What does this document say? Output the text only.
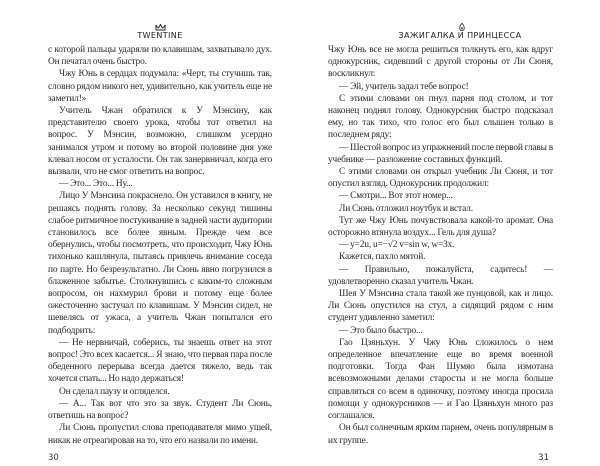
TWENTINE

с которой пальцы ударяли по клавишам, захватывало дух. Он печатал очень быстро.

Чжу Юнь в сердцах подумала: «Черт, ты стучишь так, словно рядом никого нет, удивительно, как учитель еще не заметил!»

Учитель Чжан обратился к У Мэнсину, как представителю своего урока, чтобы тот ответил на вопрос. У Мэнсин, возможно, слишком усердно занимался утром и потому во второй половине дня уже клевал носом от усталости. Он так занервничал, когда его вызвали, что не смог ответить на вопрос.

— Это... Это... Ну...

Лицо У Мэнсина покраснело. Он уставился в книгу, не решаясь поднять голову. За несколько секунд тишины слабое ритмичное постукивание в задней части аудитории становилось все более явным. Прежде чем все обернулись, чтобы посмотреть, что происходит, Чжу Юнь тихонько кашлянула, пытаясь привлечь внимание соседа по парте. Но безрезультатно. Ли Сюнь явно погрузился в блаженное забытье. Столкнувшись с каким-то сложным вопросом, он нахмурил брови и потому еще более ожесточенно застучал по клавишам. У Мэнсин сидел, не шевелясь от ужаса, а учитель Чжан попытался его подбодрить:

— Не нервничай, соберись, ты знаешь ответ на этот вопрос! Это всех касается... Я знаю, что первая пара после обеденного перерыва всегда дается тяжело, ведь так хочется спать... Но надо держаться!

Он сделал паузу и огляделся.

— А... Так вот что это за звук. Студент Ли Сюнь, ответишь на вопрос?

Ли Сюнь пропустил слова преподавателя мимо ушей, никак не отреагировав на то, что его назвали по имени.

30
ЗАЖИГАЛКА И ПРИНЦЕССА

Чжу Юнь все не могла решиться толкнуть его, как вдруг однокурсник, сидевший с другой стороны от Ли Сюня, воскликнул:

— Эй, учитель задал тебе вопрос!

С этими словами он пнул парня под столом, и тот наконец поднял голову. Однокурсник быстро подсказал ему, но так тихо, что голос его был слышен только в последнем ряду:

— Шестой вопрос из упражнений после первой главы в учебнике — разложение составных функций.

С этими словами он открыл учебник Ли Сюня, и тот опустил взгляд. Однокурсник продолжил:

— Смотри... Вот этот номер...

Ли Сюнь отложил ноутбук и встал.

Тут же Чжу Юнь почувствовала какой-то аромат. Она осторожно втянула воздух... Гель для душа?

— y=2u, u=−√2 v=sin w, w=3x.

Кажется, пахло мятой.

— Правильно, пожалуйста, садитесь! — удовлетворенно сказал учитель Чжан.

Шея У Мэнсина стала такой же пунцовой, как и лицо. Ли Сюнь опустился на стул, а сидящий рядом с ним студент удивленно заметил:

— Это было быстро...

Гао Цзяньхун. У Чжу Юнь сложилось о нем определенное впечатление еще во время военной подготовки. Тогда Фан Шумяо была измотана всевозможными делами старосты и не могла больше справляться со всем в одиночку, поэтому иногда просила помощи у однокурсников — и Гао Цзяньхун много раз соглашался.

Он был солнечным ярким парнем, очень популярным в их группе.

31
